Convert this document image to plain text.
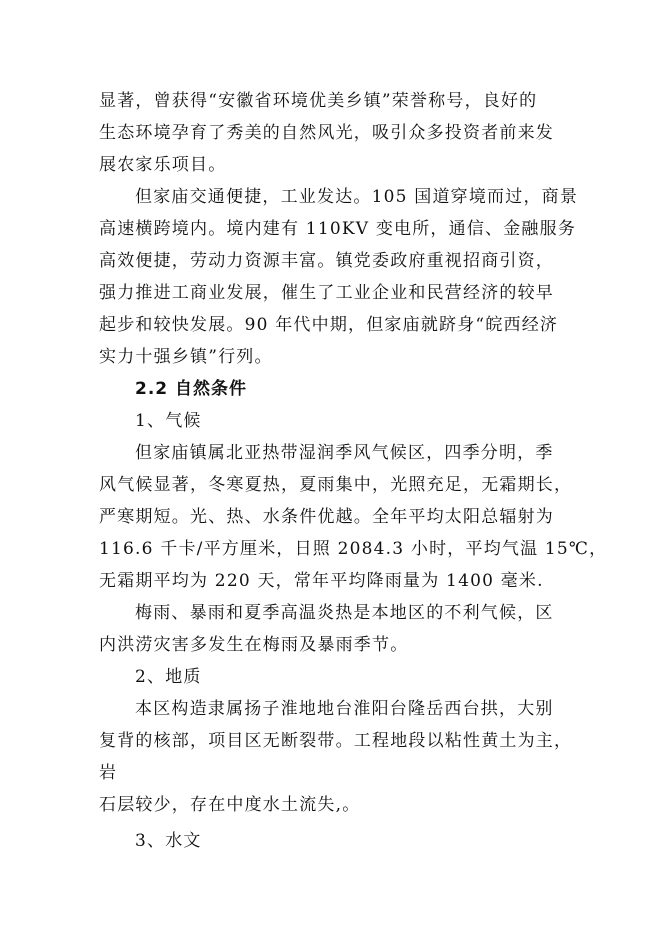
显著，曾获得“安徽省环境优美乡镇”荣誉称号，良好的
生态环境孕育了秀美的自然风光，吸引众多投资者前来发
展农家乐项目。
但家庙交通便捷，工业发达。105 国道穿境而过，商景
高速横跨境内。境内建有 110KV 变电所，通信、金融服务
高效便捷，劳动力资源丰富。镇党委政府重视招商引资，
强力推进工商业发展，催生了工业企业和民营经济的较早
起步和较快发展。90 年代中期，但家庙就跻身“皖西经济
实力十强乡镇”行列。
2.2 自然条件
1、气候
但家庙镇属北亚热带湿润季风气候区，四季分明，季
风气候显著，冬寒夏热，夏雨集中，光照充足，无霜期长，
严寒期短。光、热、水条件优越。全年平均太阳总辐射为
116.6 千卡/平方厘米，日照 2084.3 小时，平均气温 15℃，
无霜期平均为 220 天，常年平均降雨量为 1400 毫米.
梅雨、暴雨和夏季高温炎热是本地区的不利气候，区
内洪涝灾害多发生在梅雨及暴雨季节。
2、地质
本区构造隶属扬子淮地地台淮阳台隆岳西台拱，大别
复背的核部，项目区无断裂带。工程地段以粘性黄土为主，
岩
石层较少，存在中度水土流失,。
3、水文
